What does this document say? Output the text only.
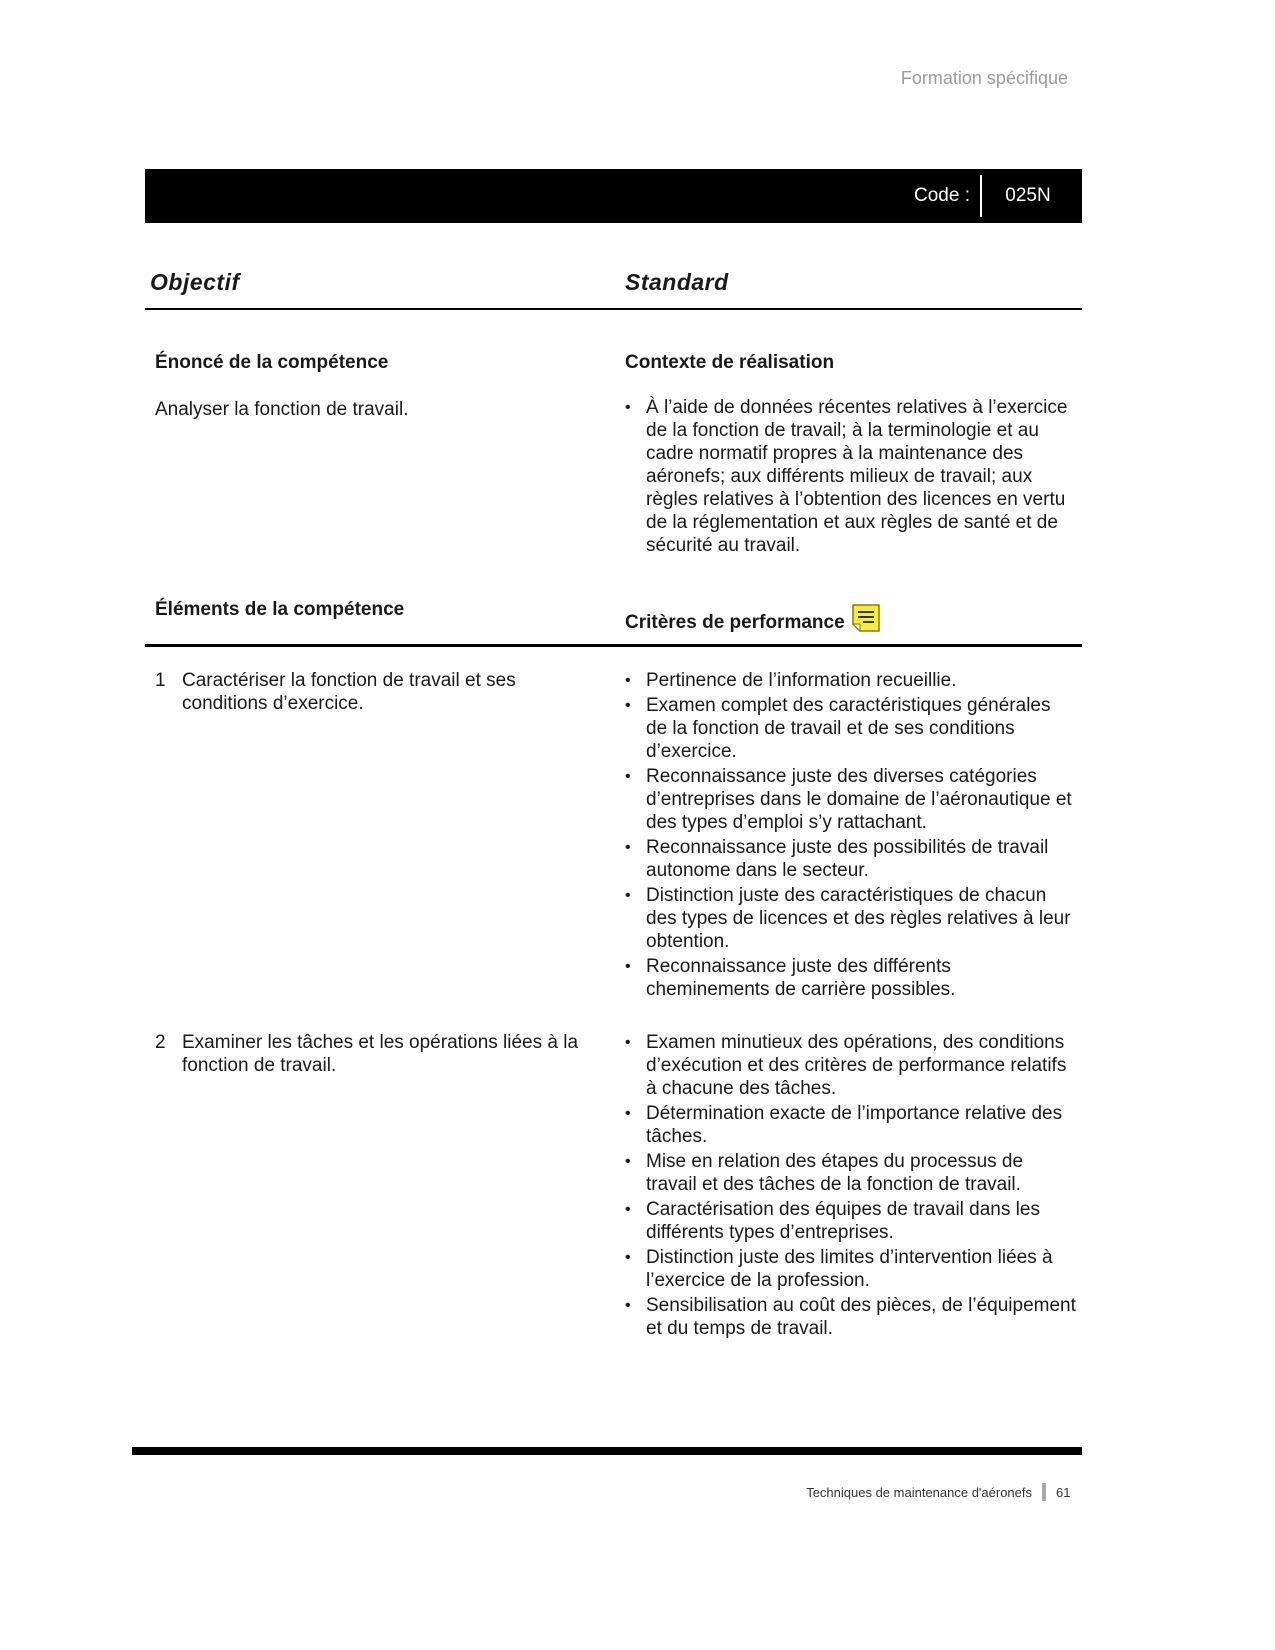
Formation spécifique
Code :	025N
Objectif	Standard
Énoncé de la compétence
Analyser la fonction de travail.
Contexte de réalisation
• À l’aide de données récentes relatives à l’exercice de la fonction de travail; à la terminologie et au cadre normatif propres à la maintenance des aéronefs; aux différents milieux de travail; aux règles relatives à l’obtention des licences en vertu de la réglementation et aux règles de santé et de sécurité au travail.
Éléments de la compétence
Critères de performance
1 Caractériser la fonction de travail et ses conditions d’exercice.
• Pertinence de l’information recueillie.
• Examen complet des caractéristiques générales de la fonction de travail et de ses conditions d’exercice.
• Reconnaissance juste des diverses catégories d’entreprises dans le domaine de l’aéronautique et des types d’emploi s’y rattachant.
• Reconnaissance juste des possibilités de travail autonome dans le secteur.
• Distinction juste des caractéristiques de chacun des types de licences et des règles relatives à leur obtention.
• Reconnaissance juste des différents cheminements de carrière possibles.
2 Examiner les tâches et les opérations liées à la fonction de travail.
• Examen minutieux des opérations, des conditions d’exécution et des critères de performance relatifs à chacune des tâches.
• Détermination exacte de l’importance relative des tâches.
• Mise en relation des étapes du processus de travail et des tâches de la fonction de travail.
• Caractérisation des équipes de travail dans les différents types d’entreprises.
• Distinction juste des limites d’intervention liées à l’exercice de la profession.
• Sensibilisation au coût des pièces, de l’équipement et du temps de travail.
Techniques de maintenance d'aéronefs 61
